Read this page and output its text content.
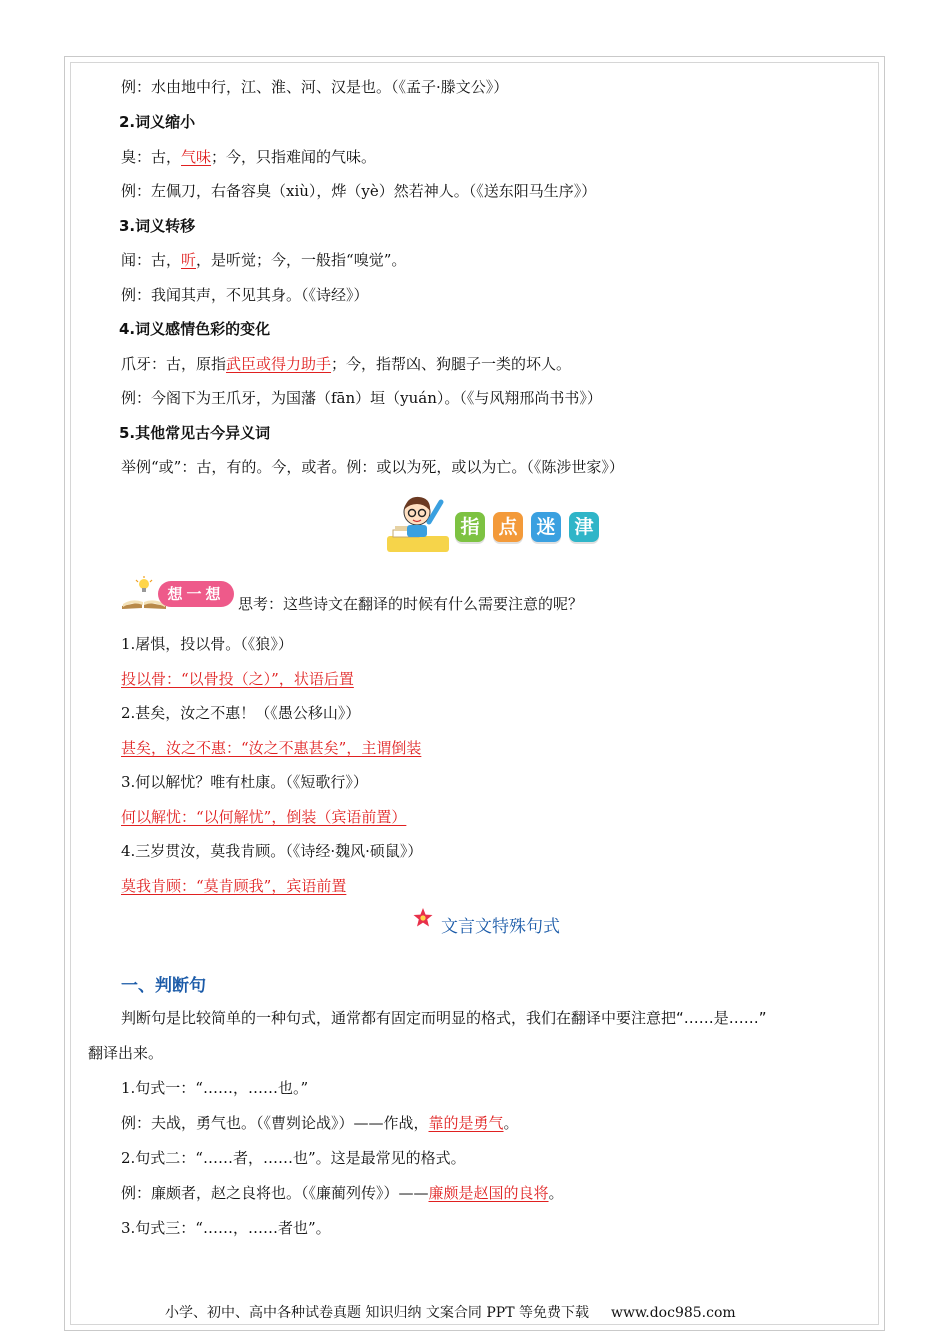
例：水由地中行，江、淮、河、汉是也。（《孟子·滕文公》）
2.词义缩小
臭：古，气味；今，只指难闻的气味。
例：左佩刀，右备容臭（xiù），烨（yè）然若神人。（《送东阳马生序》）
3.词义转移
闻：古，听，是听觉；今，一般指“嗅觉”。
例：我闻其声，不见其身。（《诗经》）
4.词义感情色彩的变化
爪牙：古，原指武臣或得力助手；今，指帮凶、狗腿子一类的坏人。
例：今阁下为王爪牙，为国藩（fān）垣（yuán）。（《与风翔邢尚书书》）
5.其他常见古今异义词
举例“或”：古，有的。今，或者。例：或以为死，或以为亡。（《陈涉世家》）
指 点 迷 津
想一想
思考：这些诗文在翻译的时候有什么需要注意的呢？
1.屠惧，投以骨。（《狼》）
投以骨：“以骨投（之）”，状语后置
2.甚矣，汝之不惠！（《愚公移山》）
甚矣，汝之不惠：“汝之不惠甚矣”，主谓倒装
3.何以解忧？唯有杜康。（《短歌行》）
何以解忧：“以何解忧”，倒装（宾语前置）
4.三岁贯汝，莫我肯顾。（《诗经·魏风·硕鼠》）
莫我肯顾：“莫肯顾我”，宾语前置
文言文特殊句式
一、判断句
判断句是比较简单的一种句式，通常都有固定而明显的格式，我们在翻译中要注意把“……是……”
翻译出来。
1.句式一：“……，……也。”
例：夫战，勇气也。（《曹刿论战》）——作战，靠的是勇气。
2.句式二：“……者，……也”。这是最常见的格式。
例：廉颇者，赵之良将也。（《廉蔺列传》）——廉颇是赵国的良将。
3.句式三：“……，……者也”。
小学、初中、高中各种试卷真题 知识归纳 文案合同 PPT 等免费下载 www.doc985.com
